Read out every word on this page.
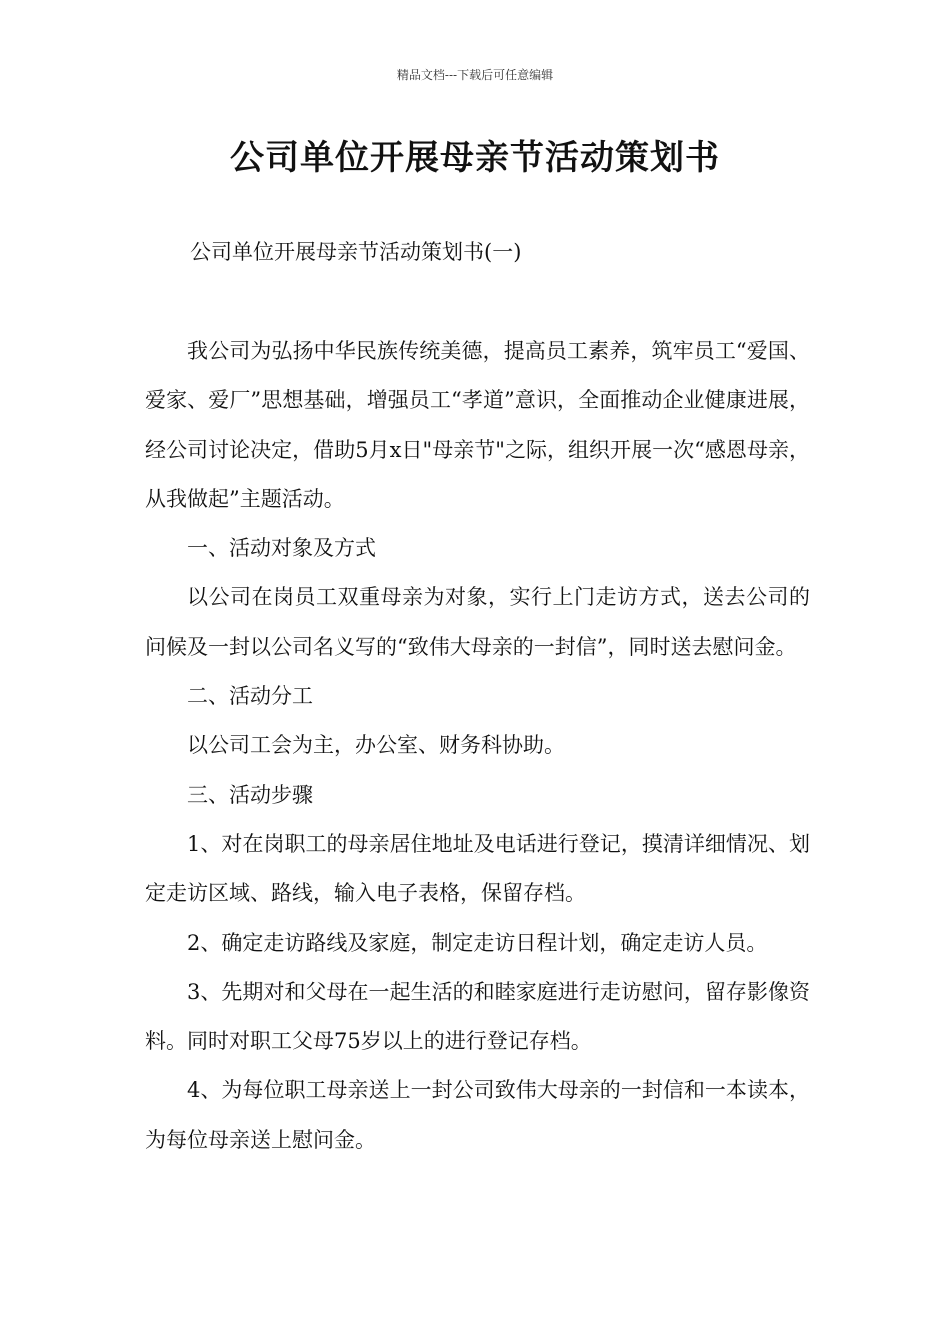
精品文档---下载后可任意编辑
公司单位开展母亲节活动策划书
公司单位开展母亲节活动策划书(一)

我公司为弘扬中华民族传统美德，提高员工素养，筑牢员工“爱国、爱家、爱厂”思想基础，增强员工“孝道”意识，全面推动企业健康进展，经公司讨论决定，借助5月x日"母亲节"之际，组织开展一次“感恩母亲，从我做起”主题活动。

一、活动对象及方式

以公司在岗员工双重母亲为对象，实行上门走访方式，送去公司的问候及一封以公司名义写的“致伟大母亲的一封信”，同时送去慰问金。

二、活动分工

以公司工会为主，办公室、财务科协助。

三、活动步骤

1、对在岗职工的母亲居住地址及电话进行登记，摸清详细情况、划定走访区域、路线，输入电子表格，保留存档。

2、确定走访路线及家庭，制定走访日程计划，确定走访人员。

3、先期对和父母在一起生活的和睦家庭进行走访慰问，留存影像资料。同时对职工父母75岁以上的进行登记存档。

4、为每位职工母亲送上一封公司致伟大母亲的一封信和一本读本，为每位母亲送上慰问金。
